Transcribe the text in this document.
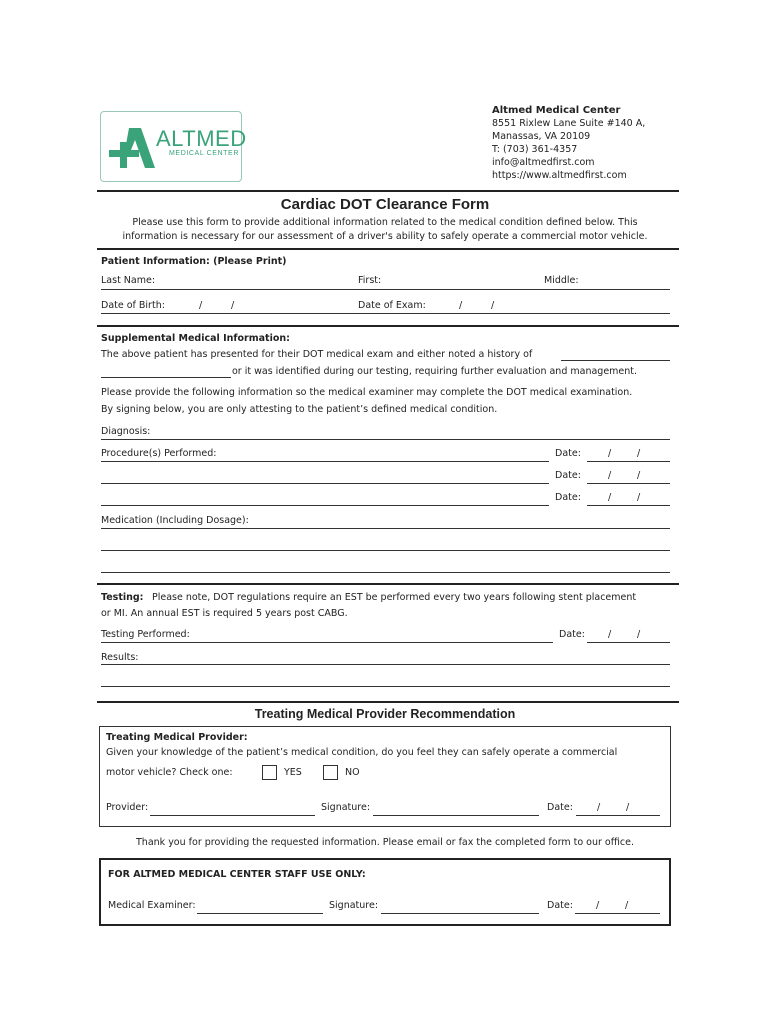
ALTMED
MEDICAL CENTER
Altmed Medical Center
8551 Rixlew Lane Suite #140 A,
Manassas, VA 20109
T: (703) 361-4357
info@altmedfirst.com
https://www.altmedfirst.com
Cardiac DOT Clearance Form
Please use this form to provide additional information related to the medical condition defined below. This
information is necessary for our assessment of a driver's ability to safely operate a commercial motor vehicle.
Patient Information: (Please Print)
Last Name:	First:	Middle:
Date of Birth:	/	/	Date of Exam:	/	/
Supplemental Medical Information:
The above patient has presented for their DOT medical exam and either noted a history of
or it was identified during our testing, requiring further evaluation and management.
Please provide the following information so the medical examiner may complete the DOT medical examination.
By signing below, you are only attesting to the patient’s defined medical condition.
Diagnosis:
Procedure(s) Performed:	Date:	/	/
Date:	/	/
Date:	/	/
Medication (Including Dosage):
Testing: Please note, DOT regulations require an EST be performed every two years following stent placement
or MI. An annual EST is required 5 years post CABG.
Testing Performed:	Date: /	/
Results:
Treating Medical Provider Recommendation
Treating Medical Provider:
Given your knowledge of the patient’s medical condition, do you feel they can safely operate a commercial
motor vehicle? Check one:	YES	NO
Provider:	Signature:	Date:	/	/
Thank you for providing the requested information. Please email or fax the completed form to our office.
FOR ALTMED MEDICAL CENTER STAFF USE ONLY:
Medical Examiner:	Signature:	Date: /	/
